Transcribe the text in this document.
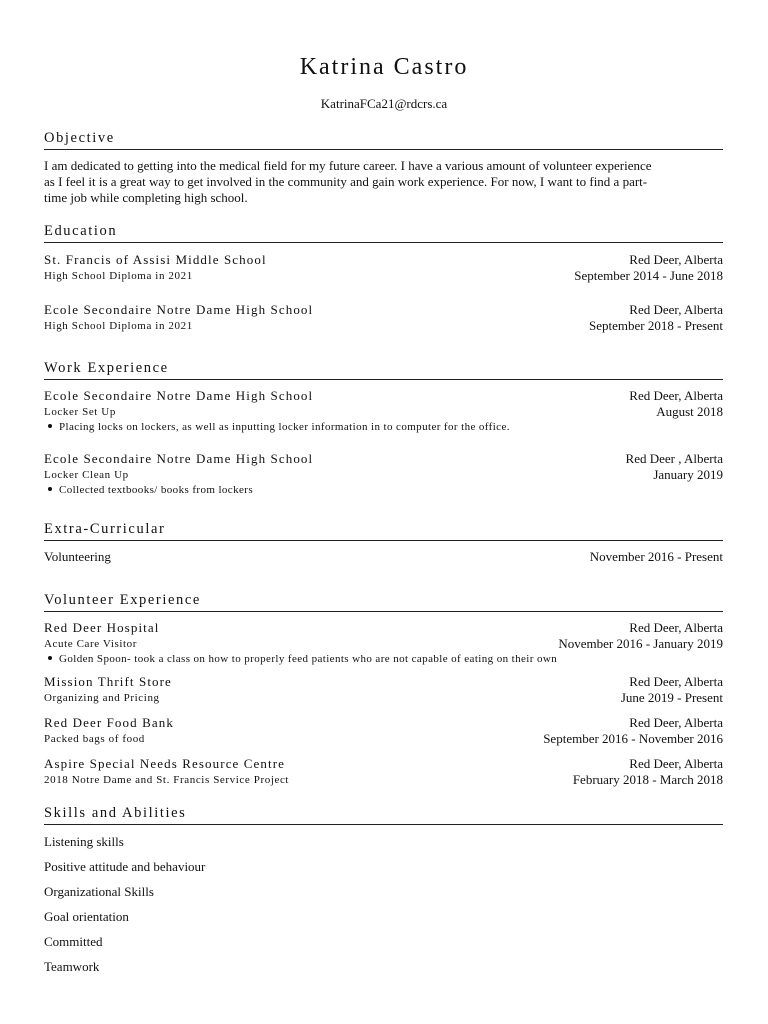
Katrina Castro
KatrinaFCa21@rdcrs.ca
Objective
I am dedicated to getting into the medical field for my future career. I have a various amount of volunteer experience
as I feel it is a great way to get involved in the community and gain work experience. For now, I want to find a part-
time job while completing high school.
Education
St. Francis of Assisi Middle School	Red Deer, Alberta
High School Diploma in 2021	September 2014 - June 2018
Ecole Secondaire Notre Dame High School	Red Deer, Alberta
High School Diploma in 2021	September 2018 - Present
Work Experience
Ecole Secondaire Notre Dame High School	Red Deer, Alberta
Locker Set Up	August 2018
Placing locks on lockers, as well as inputting locker information in to computer for the office.
Ecole Secondaire Notre Dame High School	Red Deer , Alberta
Locker Clean Up	January 2019
Collected textbooks/ books from lockers
Extra-Curricular
Volunteering	November 2016 - Present
Volunteer Experience
Red Deer Hospital	Red Deer, Alberta
Acute Care Visitor	November 2016 - January 2019
Golden Spoon- took a class on how to properly feed patients who are not capable of eating on their own
Mission Thrift Store	Red Deer, Alberta
Organizing and Pricing	June 2019 - Present
Red Deer Food Bank	Red Deer, Alberta
Packed bags of food	September 2016 - November 2016
Aspire Special Needs Resource Centre	Red Deer, Alberta
2018 Notre Dame and St. Francis Service Project	February 2018 - March 2018
Skills and Abilities
Listening skills
Positive attitude and behaviour
Organizational Skills
Goal orientation
Committed
Teamwork
